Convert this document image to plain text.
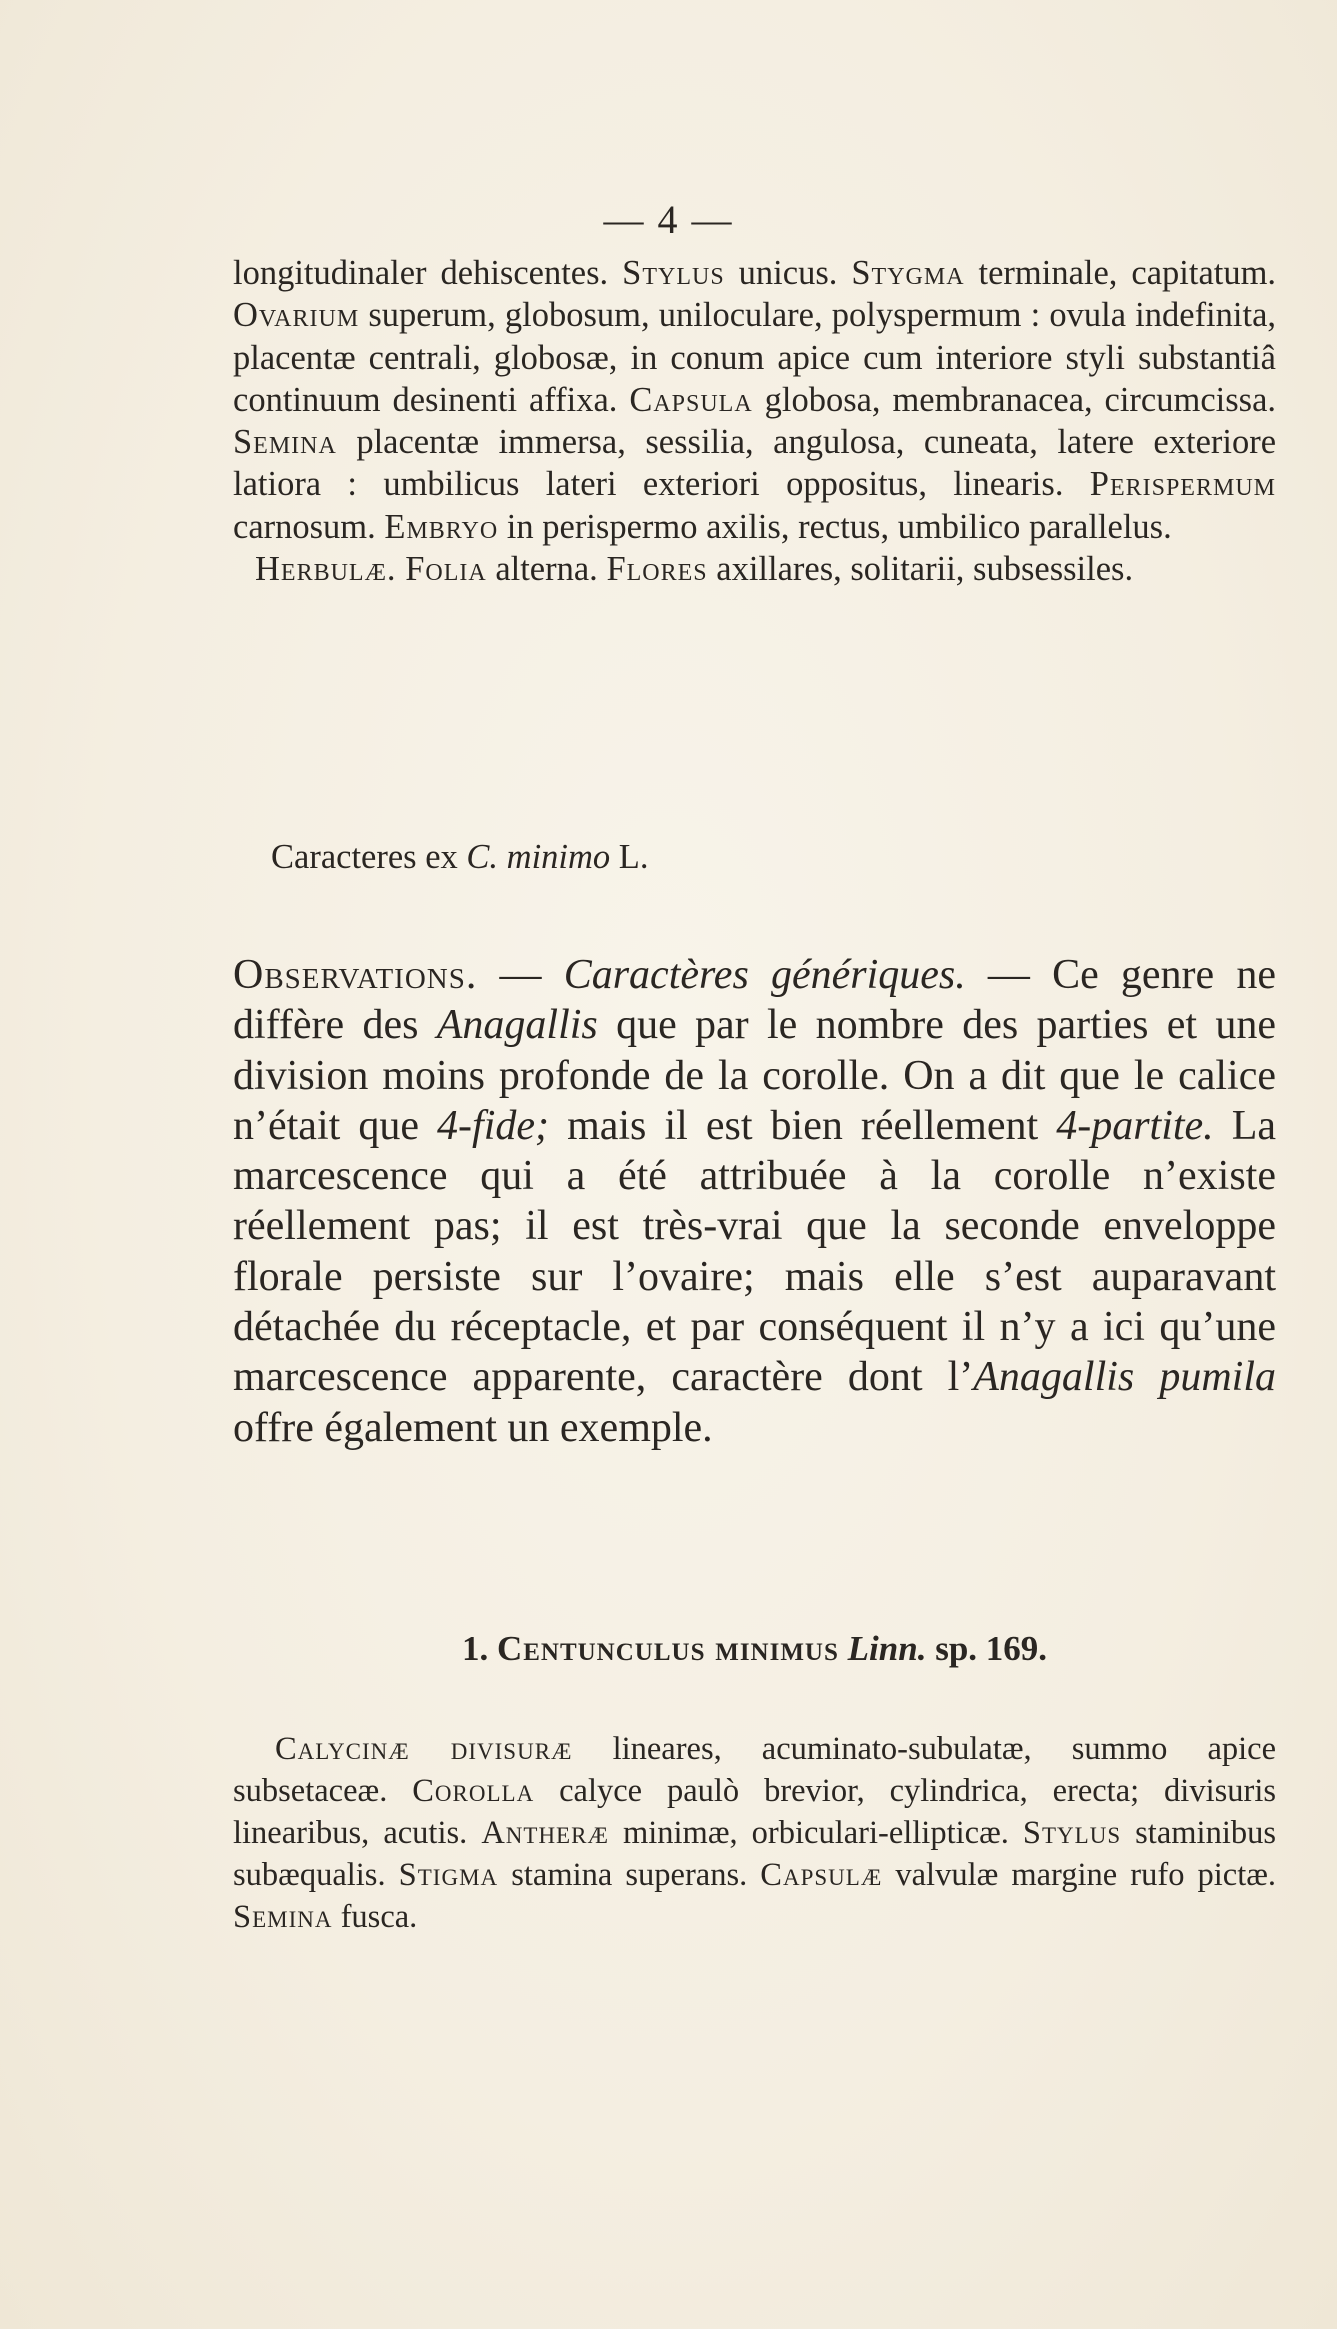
— 4 —

longitudinaler dehiscentes. Stylus unicus. Stygma terminale, capitatum. Ovarium superum, globosum, uniloculare, polyspermum : ovula indefinita, placentæ centrali, globosæ, in conum apice cum interiore styli substantiâ continuum desinenti affixa. Capsula globosa, membranacea, circumcissa. Semina placentæ immersa, sessilia, angulosa, cuneata, latere exteriore latiora : umbilicus lateri exteriori oppositus, linearis. Perispermum carnosum. Embryo in perispermo axilis, rectus, umbilico parallelus.

Herbulæ. Folia alterna. Flores axillares, solitarii, subsessiles.

Caracteres ex C. minimo L.
Observations. — Caractères génériques. — Ce genre ne diffère des Anagallis que par le nombre des parties et une division moins profonde de la corolle. On a dit que le calice n’était que 4-fide; mais il est bien réellement 4-partite. La marcescence qui a été attribuée à la corolle n’existe réellement pas; il est très-vrai que la seconde enveloppe florale persiste sur l’ovaire; mais elle s’est auparavant détachée du réceptacle, et par conséquent il n’y a ici qu’une marcescence apparente, caractère dont l’Anagallis pumila offre également un exemple.
1. Centunculus minimus Linn. sp. 169.

Calycinæ divisuræ lineares, acuminato-subulatæ, summo apice subsetaceæ. Corolla calyce paulò brevior, cylindrica, erecta; divisuris linearibus, acutis. Antheræ minimæ, orbiculari-ellipticæ. Stylus staminibus subæqualis. Stigma stamina superans. Capsulæ valvulæ margine rufo pictæ. Semina fusca.
